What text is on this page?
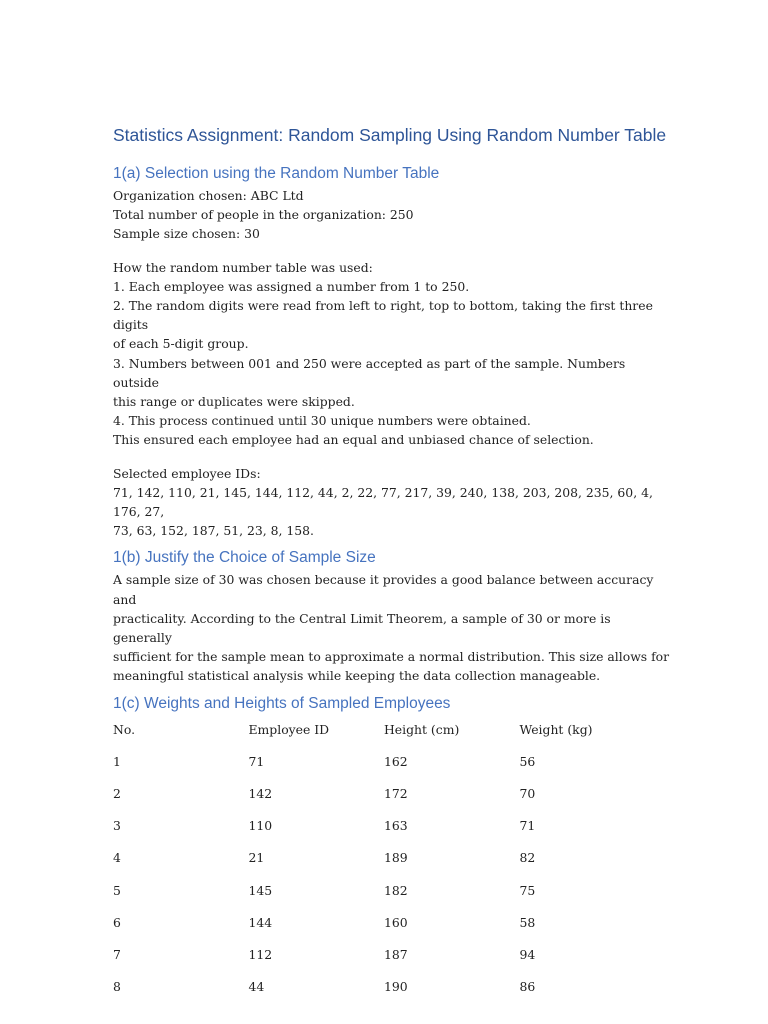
Statistics Assignment: Random Sampling Using Random Number Table
1(a) Selection using the Random Number Table

Organization chosen: ABC Ltd

Total number of people in the organization: 250

Sample size chosen: 30

How the random number table was used:

1. Each employee was assigned a number from 1 to 250.

2. The random digits were read from left to right, top to bottom, taking the first three digits

of each 5-digit group.

3. Numbers between 001 and 250 were accepted as part of the sample. Numbers outside

this range or duplicates were skipped.

4. This process continued until 30 unique numbers were obtained.

This ensured each employee had an equal and unbiased chance of selection.

Selected employee IDs:

71, 142, 110, 21, 145, 144, 112, 44, 2, 22, 77, 217, 39, 240, 138, 203, 208, 235, 60, 4, 176, 27,

73, 63, 152, 187, 51, 23, 8, 158.

1(b) Justify the Choice of Sample Size

A sample size of 30 was chosen because it provides a good balance between accuracy and

practicality. According to the Central Limit Theorem, a sample of 30 or more is generally

sufficient for the sample mean to approximate a normal distribution. This size allows for

meaningful statistical analysis while keeping the data collection manageable.

1(c) Weights and Heights of Sampled Employees
No.	Employee ID	Height (cm)	Weight (kg)
1	71	162	56
2	142	172	70
3	110	163	71
4	21	189	82
5	145	182	75
6	144	160	58
7	112	187	94
8	44	190	86
